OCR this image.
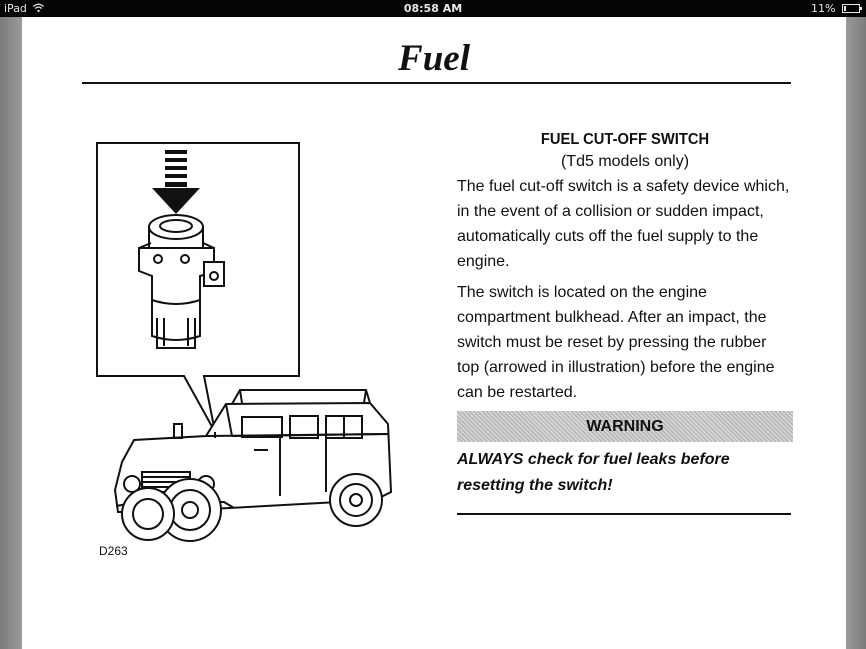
iPad	08:58 AM	11%
Fuel
D263
FUEL CUT-OFF SWITCH
(Td5 models only)

The fuel cut-off switch is a safety device which, in the event of a collision or sudden impact, automatically cuts off the fuel supply to the engine.

The switch is located on the engine compartment bulkhead. After an impact, the switch must be reset by pressing the rubber top (arrowed in illustration) before the engine can be restarted.

WARNING
ALWAYS check for fuel leaks before resetting the switch!
